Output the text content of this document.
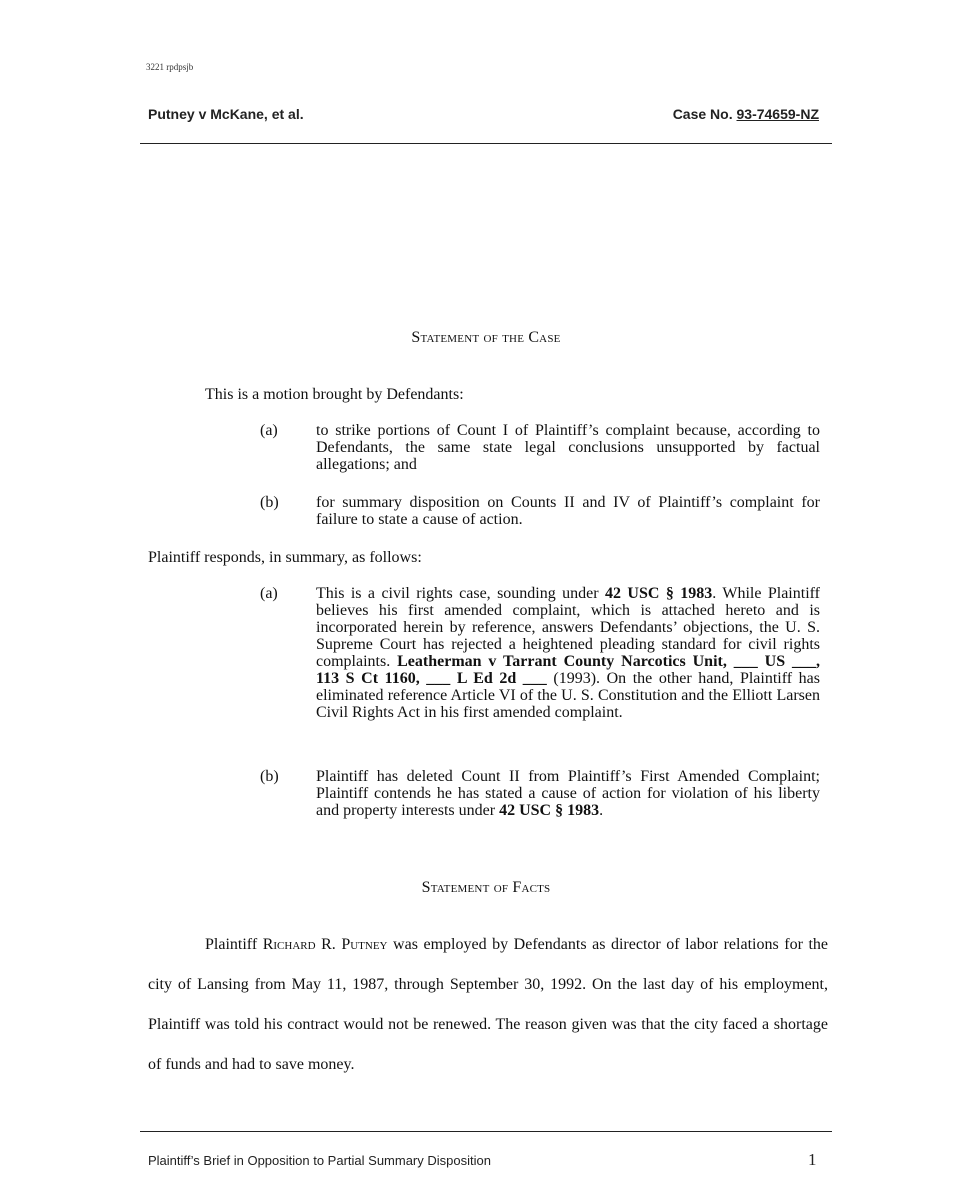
3221 rpdpsjb
Putney v McKane, et al.	Case No. 93-74659-NZ
Statement of the Case
This is a motion brought by Defendants:
(a)	to strike portions of Count I of Plaintiff’s complaint because, according to Defendants, the same state legal conclusions unsupported by factual allegations; and
(b)	for summary disposition on Counts II and IV of Plaintiff’s complaint for failure to state a cause of action.
Plaintiff responds, in summary, as follows:
(a)	This is a civil rights case, sounding under 42 USC § 1983. While Plaintiff believes his first amended complaint, which is attached hereto and is incorporated herein by reference, answers Defendants’ objections, the U. S. Supreme Court has rejected a heightened pleading standard for civil rights complaints. Leatherman v Tarrant County Narcotics Unit, ___ US ___, 113 S Ct 1160, ___ L Ed 2d ___ (1993). On the other hand, Plaintiff has eliminated reference Article VI of the U. S. Constitution and the Elliott Larsen Civil Rights Act in his first amended complaint.
(b)	Plaintiff has deleted Count II from Plaintiff’s First Amended Complaint; Plaintiff contends he has stated a cause of action for violation of his liberty and property interests under 42 USC § 1983.
Statement of Facts
Plaintiff Richard R. Putney was employed by Defendants as director of labor relations for the city of Lansing from May 11, 1987, through September 30, 1992. On the last day of his employment, Plaintiff was told his contract would not be renewed. The reason given was that the city faced a shortage of funds and had to save money.
Plaintiff’s Brief in Opposition to Partial Summary Disposition	1
